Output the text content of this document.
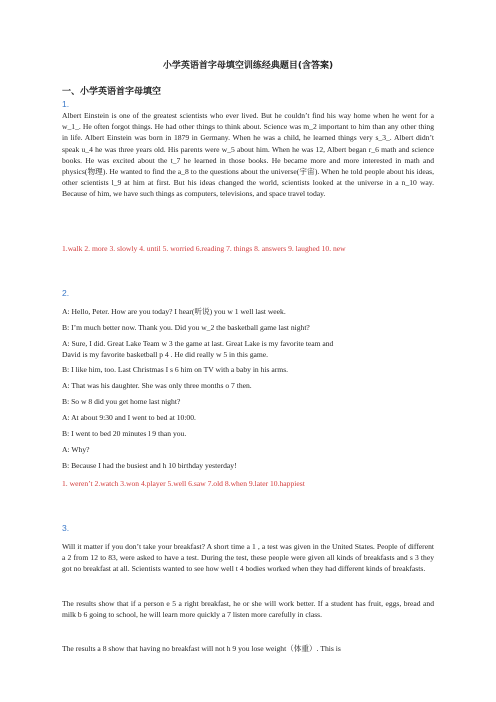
小学英语首字母填空训练经典题目(含答案)
一、小学英语首字母填空
1.
Albert Einstein is one of the greatest scientists who ever lived. But he couldn’t find his way home when he went for a w_1_. He often forgot things. He had other things to think about. Science was m_2 important to him than any other thing in life. Albert Einstein was born in 1879 in Germany. When he was a child, he learned things very s_3_. Albert didn’t speak u_4 he was three years old. His parents were w_5 about him. When he was 12, Albert began r_6 math and science books. He was excited about the t_7 he learned in those books. He became more and more interested in math and physics(物理). He wanted to find the a_8 to the questions about the universe(宇宙). When he told people about his ideas, other scientists l_9 at him at first. But his ideas changed the world, scientists looked at the universe in a n_10 way. Because of him, we have such things as computers, televisions, and space travel today.
1.walk 2. more 3. slowly 4. until 5. worried 6.reading 7. things 8. answers 9. laughed 10. new
2.
A: Hello, Peter. How are you today? I hear(听说) you w 1 well last week.
B: I’m much better now. Thank you. Did you w_2 the basketball game last night?
A: Sure, I did. Great Lake Team w 3 the game at last. Great Lake is my favorite team and
David is my favorite basketball p 4 . He did really w 5 in this game.
B: I like him, too. Last Christmas I s 6 him on TV with a baby in his arms.
A: That was his daughter. She was only three months o 7 then.
B: So w 8 did you get home last night?
A: At about 9:30 and I went to bed at 10:00.
B: I went to bed 20 minutes l 9 than you.
A: Why?
B: Because I had the busiest and h 10 birthday yesterday!
1. weren’t 2.watch 3.won 4.player 5.well 6.saw 7.old 8.when 9.later 10.happiest
3.
Will it matter if you don’t take your breakfast? A short time a 1 , a test was given in the United States. People of different a 2 from 12 to 83, were asked to have a test. During the test, these people were given all kinds of breakfasts and s 3 they got no breakfast at all. Scientists wanted to see how well t 4 bodies worked when they had different kinds of breakfasts.
The results show that if a person e 5 a right breakfast, he or she will work better. If a student has fruit, eggs, bread and milk b 6 going to school, he will learn more quickly a 7 listen more carefully in class.
The results a 8 show that having no breakfast will not h 9 you lose weight（体重）. This is
